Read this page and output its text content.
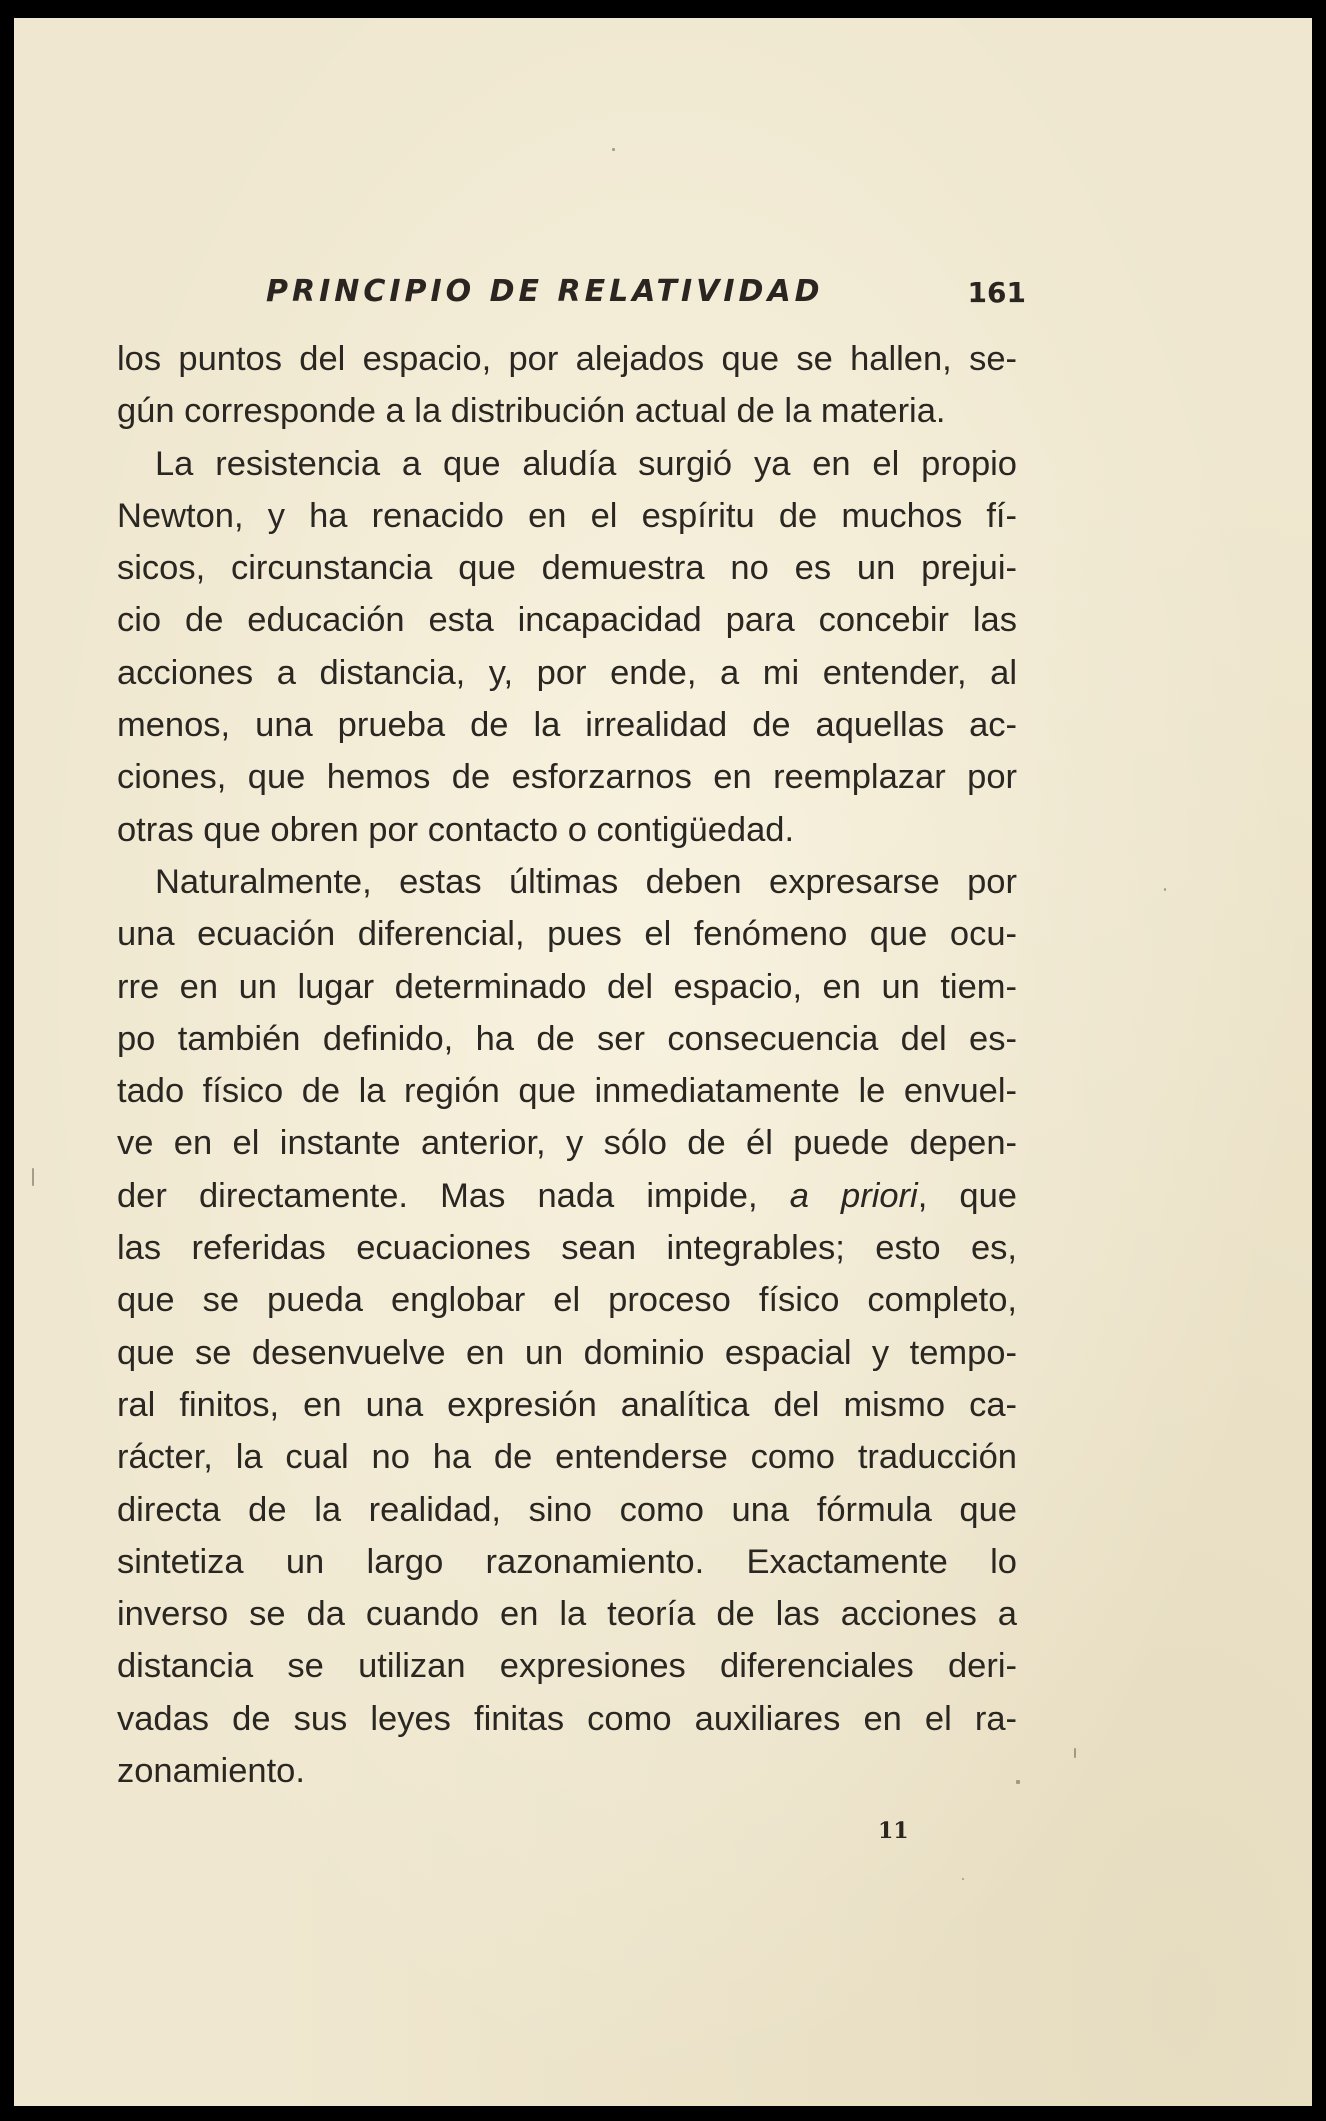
PRINCIPIO DE RELATIVIDAD	161
los puntos del espacio, por alejados que se hallen, se-
gún corresponde a la distribución actual de la materia.
La resistencia a que aludía surgió ya en el propio
Newton, y ha renacido en el espíritu de muchos fí-
sicos, circunstancia que demuestra no es un prejui-
cio de educación esta incapacidad para concebir las
acciones a distancia, y, por ende, a mi entender, al
menos, una prueba de la irrealidad de aquellas ac-
ciones, que hemos de esforzarnos en reemplazar por
otras que obren por contacto o contigüedad.
Naturalmente, estas últimas deben expresarse por
una ecuación diferencial, pues el fenómeno que ocu-
rre en un lugar determinado del espacio, en un tiem-
po también definido, ha de ser consecuencia del es-
tado físico de la región que inmediatamente le envuel-
ve en el instante anterior, y sólo de él puede depen-
der directamente. Mas nada impide, a priori, que
las referidas ecuaciones sean integrables; esto es,
que se pueda englobar el proceso físico completo,
que se desenvuelve en un dominio espacial y tempo-
ral finitos, en una expresión analítica del mismo ca-
rácter, la cual no ha de entenderse como traducción
directa de la realidad, sino como una fórmula que
sintetiza un largo razonamiento. Exactamente lo
inverso se da cuando en la teoría de las acciones a
distancia se utilizan expresiones diferenciales deri-
vadas de sus leyes finitas como auxiliares en el ra-
zonamiento.
11
